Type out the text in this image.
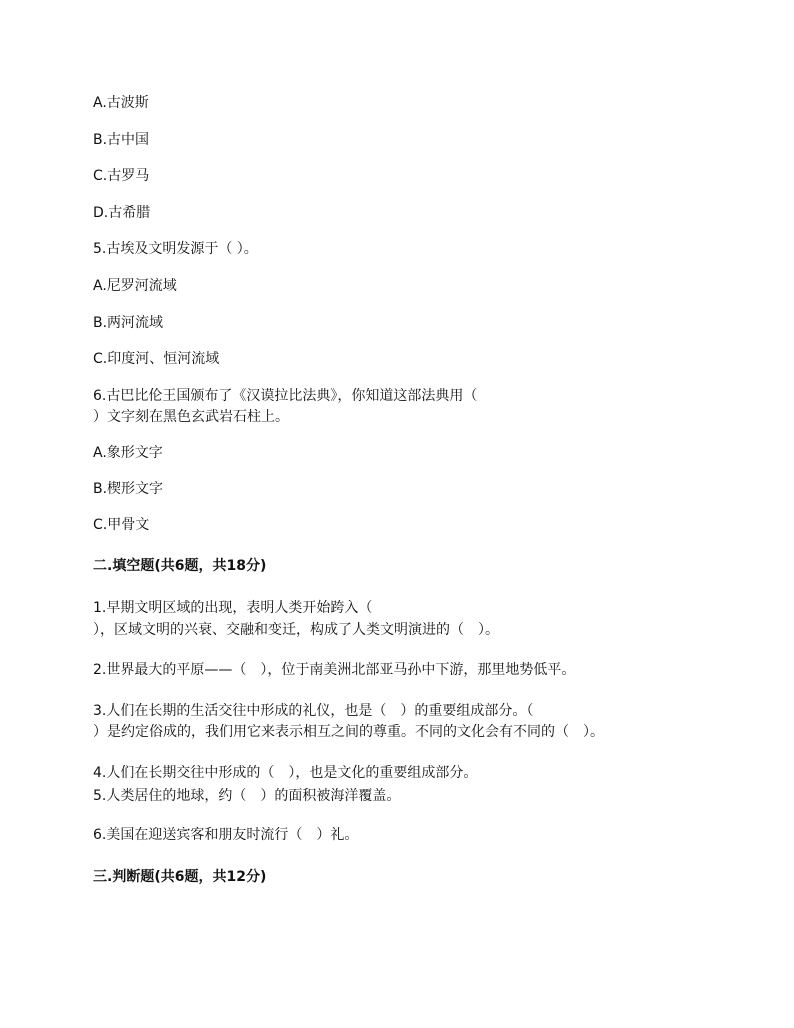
A.古波斯
B.古中国
C.古罗马
D.古希腊
5.古埃及文明发源于（ ）。
A.尼罗河流域
B.两河流域
C.印度河、恒河流域
6.古巴比伦王国颁布了《汉谟拉比法典》，你知道这部法典用（
）文字刻在黑色玄武岩石柱上。
A.象形文字
B.楔形文字
C.甲骨文
二.填空题(共6题，共18分)
1.早期文明区域的出现，表明人类开始跨入（
），区域文明的兴衰、交融和变迁，构成了人类文明演进的（　）。
2.世界最大的平原——（　），位于南美洲北部亚马孙中下游，那里地势低平。
3.人们在长期的生活交往中形成的礼仪，也是（　）的重要组成部分。（
）是约定俗成的，我们用它来表示相互之间的尊重。不同的文化会有不同的（　）。
4.人们在长期交往中形成的（　），也是文化的重要组成部分。
5.人类居住的地球，约（　）的面积被海洋覆盖。
6.美国在迎送宾客和朋友时流行（　）礼。
三.判断题(共6题，共12分)
